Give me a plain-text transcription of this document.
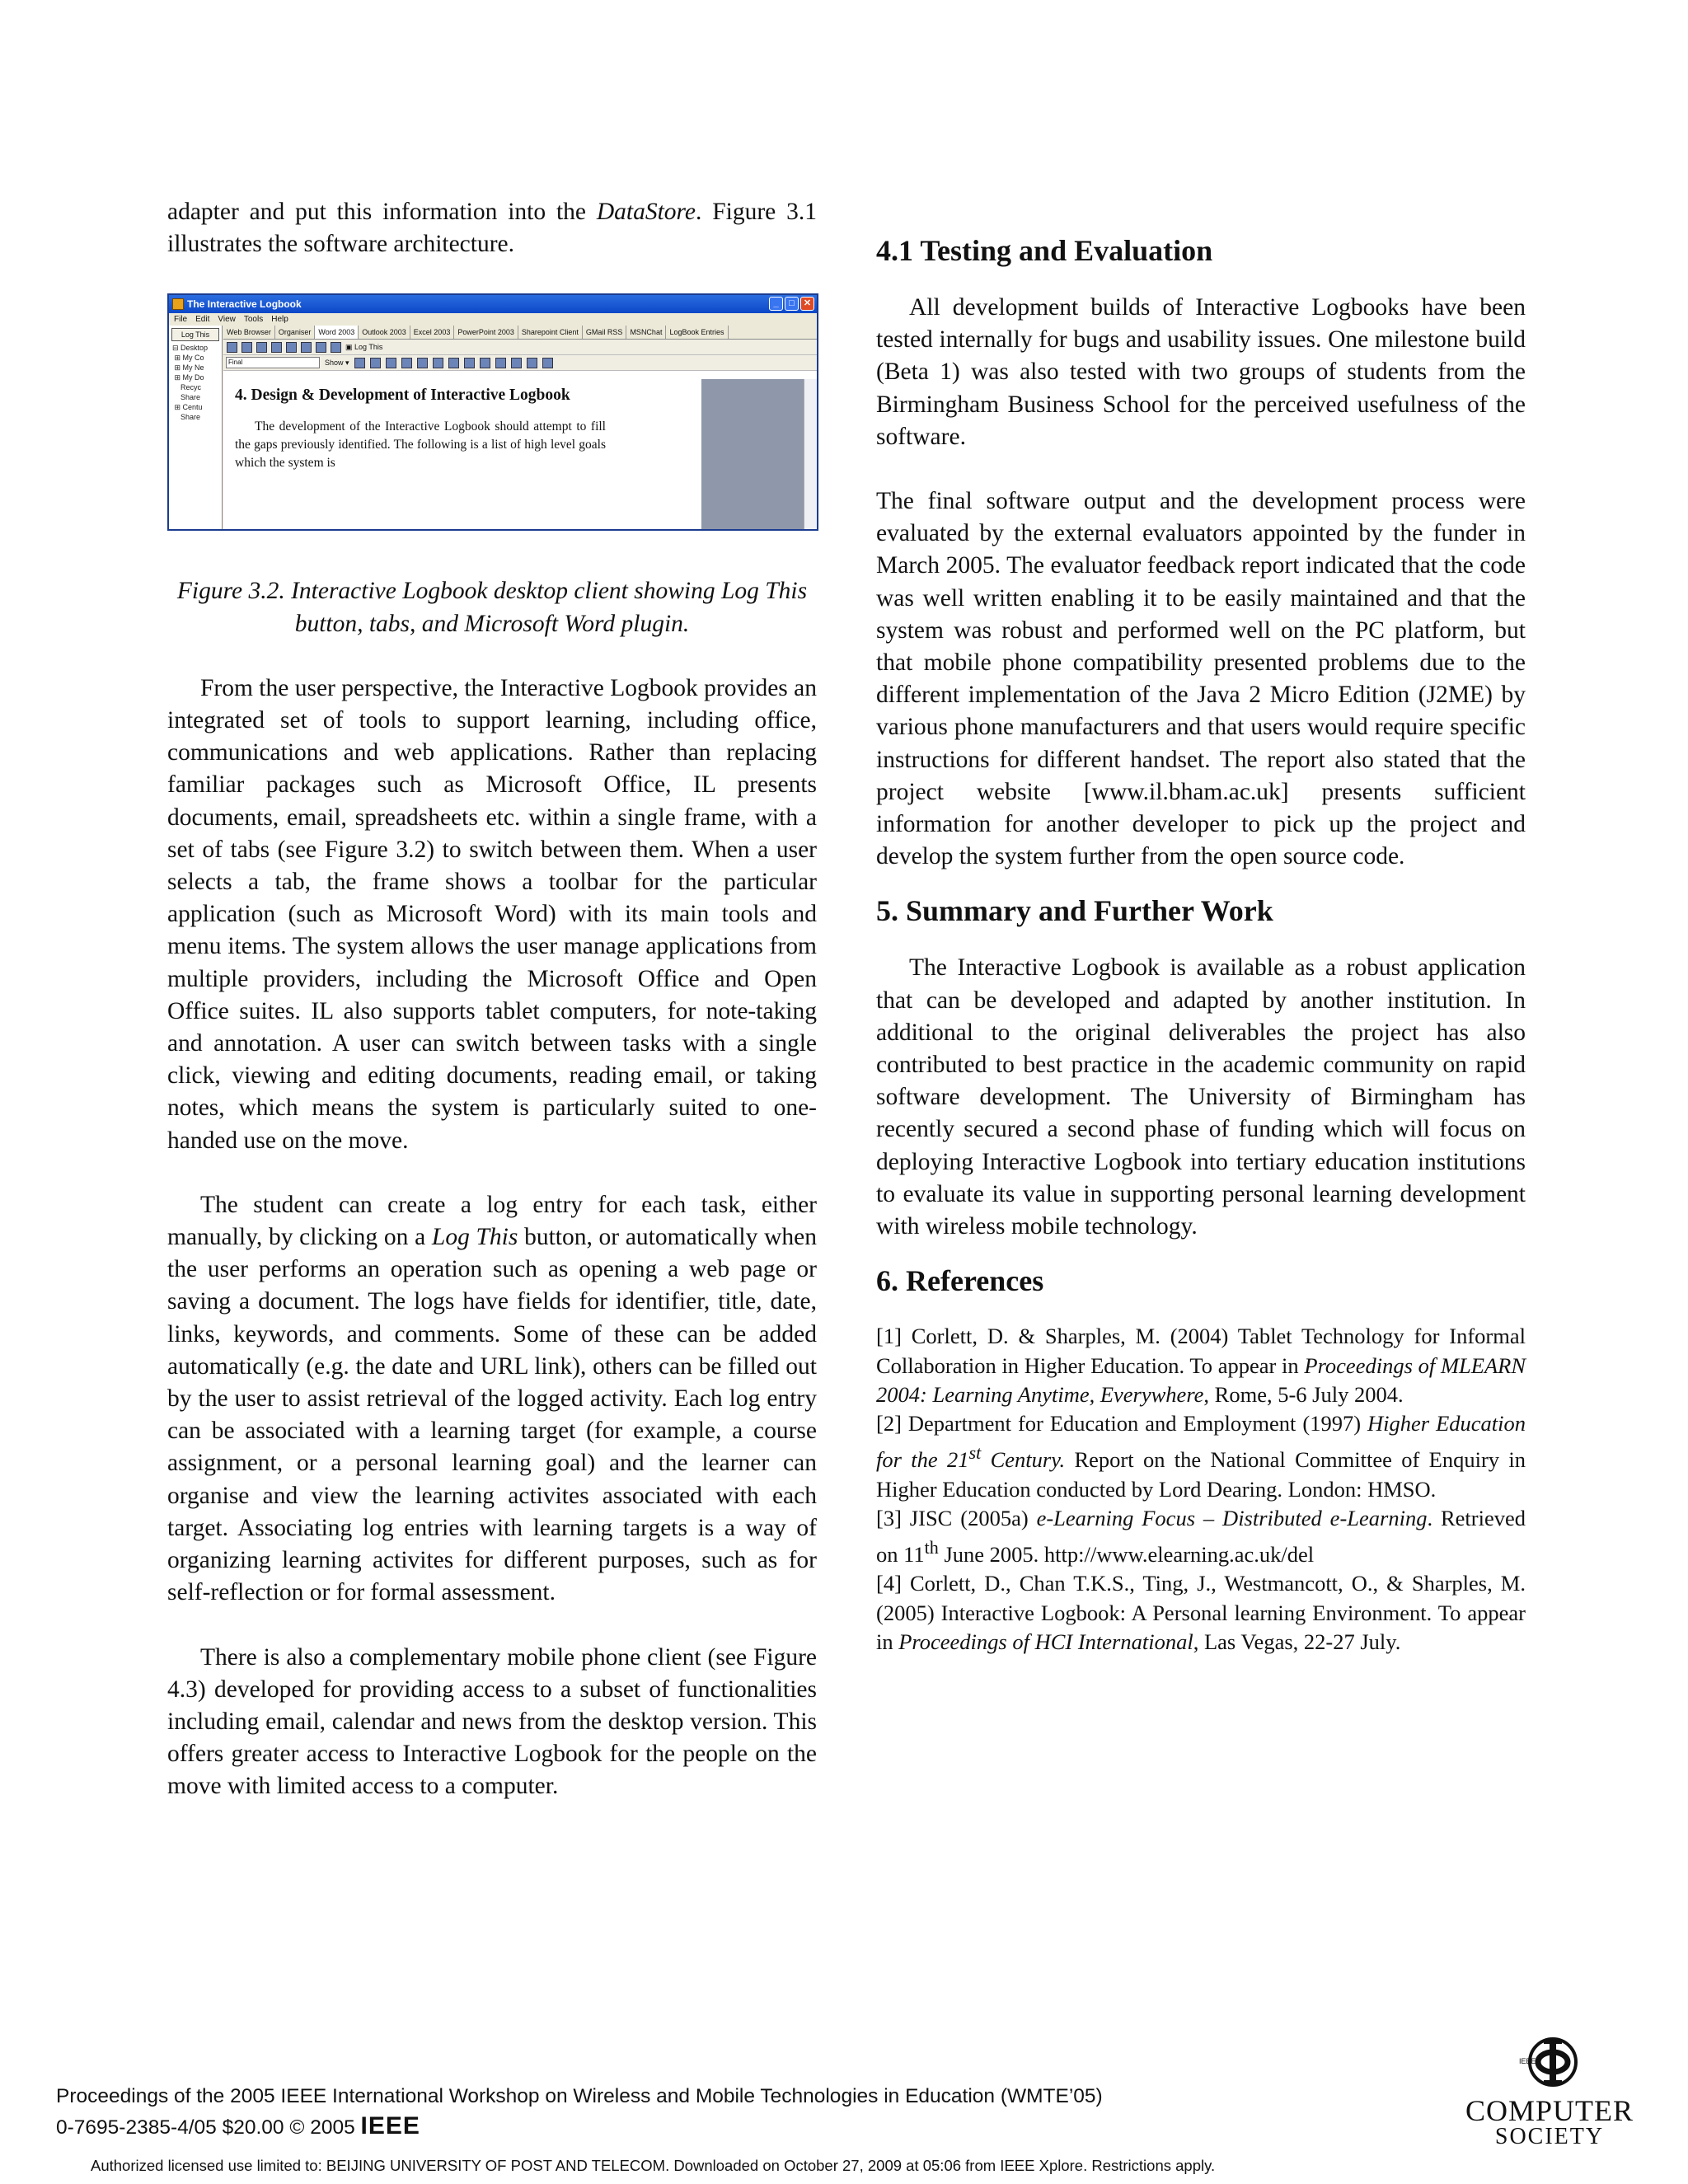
adapter and put this information into the DataStore. Figure 3.1 illustrates the software architecture.

The Interactive Logbook	_	□	✕
File Edit View Tools Help
Log This
⊟ Desktop
⊞ My Co
⊞ My Ne
⊞ My Do
Recyc
Share
⊞ Centu
Share
Web Browser	Organiser	Word 2003	Outlook 2003	Excel 2003	PowerPoint 2003	Sharepoint Client	GMail RSS	MSNChat	LogBook Entries
▣ Log This
Final	Show ▾
4. Design & Development of Interactive Logbook
The development of the Interactive Logbook should attempt to fill the gaps previously identified. The following is a list of high level goals which the system is

Figure 3.2. Interactive Logbook desktop client showing Log This button, tabs, and Microsoft Word plugin.

From the user perspective, the Interactive Logbook provides an integrated set of tools to support learning, including office, communications and web applications. Rather than replacing familiar packages such as Microsoft Office, IL presents documents, email, spreadsheets etc. within a single frame, with a set of tabs (see Figure 3.2) to switch between them. When a user selects a tab, the frame shows a toolbar for the particular application (such as Microsoft Word) with its main tools and menu items. The system allows the user manage applications from multiple providers, including the Microsoft Office and Open Office suites. IL also supports tablet computers, for note-taking and annotation. A user can switch between tasks with a single click, viewing and editing documents, reading email, or taking notes, which means the system is particularly suited to one-handed use on the move.

The student can create a log entry for each task, either manually, by clicking on a Log This button, or automatically when the user performs an operation such as opening a web page or saving a document. The logs have fields for identifier, title, date, links, keywords, and comments. Some of these can be added automatically (e.g. the date and URL link), others can be filled out by the user to assist retrieval of the logged activity. Each log entry can be associated with a learning target (for example, a course assignment, or a personal learning goal) and the learner can organise and view the learning activites associated with each target. Associating log entries with learning targets is a way of organizing learning activites for different purposes, such as for self-reflection or for formal assessment.

There is also a complementary mobile phone client (see Figure 4.3) developed for providing access to a subset of functionalities including email, calendar and news from the desktop version. This offers greater access to Interactive Logbook for the people on the move with limited access to a computer.

4.1 Testing and Evaluation

All development builds of Interactive Logbooks have been tested internally for bugs and usability issues. One milestone build (Beta 1) was also tested with two groups of students from the Birmingham Business School for the perceived usefulness of the software.

The final software output and the development process were evaluated by the external evaluators appointed by the funder in March 2005. The evaluator feedback report indicated that the code was well written enabling it to be easily maintained and that the system was robust and performed well on the PC platform, but that mobile phone compatibility presented problems due to the different implementation of the Java 2 Micro Edition (J2ME) by various phone manufacturers and that users would require specific instructions for different handset. The report also stated that the project website [www.il.bham.ac.uk] presents sufficient information for another developer to pick up the project and develop the system further from the open source code.

5. Summary and Further Work

The Interactive Logbook is available as a robust application that can be developed and adapted by another institution. In additional to the original deliverables the project has also contributed to best practice in the academic community on rapid software development. The University of Birmingham has recently secured a second phase of funding which will focus on deploying Interactive Logbook into tertiary education institutions to evaluate its value in supporting personal learning development with wireless mobile technology.

6. References

[1] Corlett, D. & Sharples, M. (2004) Tablet Technology for Informal Collaboration in Higher Education. To appear in Proceedings of MLEARN 2004: Learning Anytime, Everywhere, Rome, 5-6 July 2004.

[2] Department for Education and Employment (1997) Higher Education for the 21st Century. Report on the National Committee of Enquiry in Higher Education conducted by Lord Dearing. London: HMSO.

[3] JISC (2005a) e-Learning Focus – Distributed e-Learning. Retrieved on 11th June 2005. http://www.elearning.ac.uk/del

[4] Corlett, D., Chan T.K.S., Ting, J., Westmancott, O., & Sharples, M. (2005) Interactive Logbook: A Personal learning Environment. To appear in Proceedings of HCI International, Las Vegas, 22-27 July.

Proceedings of the 2005 IEEE International Workshop on Wireless and Mobile Technologies in Education (WMTE’05)
0-7695-2385-4/05 $20.00 © 2005 IEEE
IEEE
COMPUTER
SOCIETY
Authorized licensed use limited to: BEIJING UNIVERSITY OF POST AND TELECOM. Downloaded on October 27, 2009 at 05:06 from IEEE Xplore. Restrictions apply.
